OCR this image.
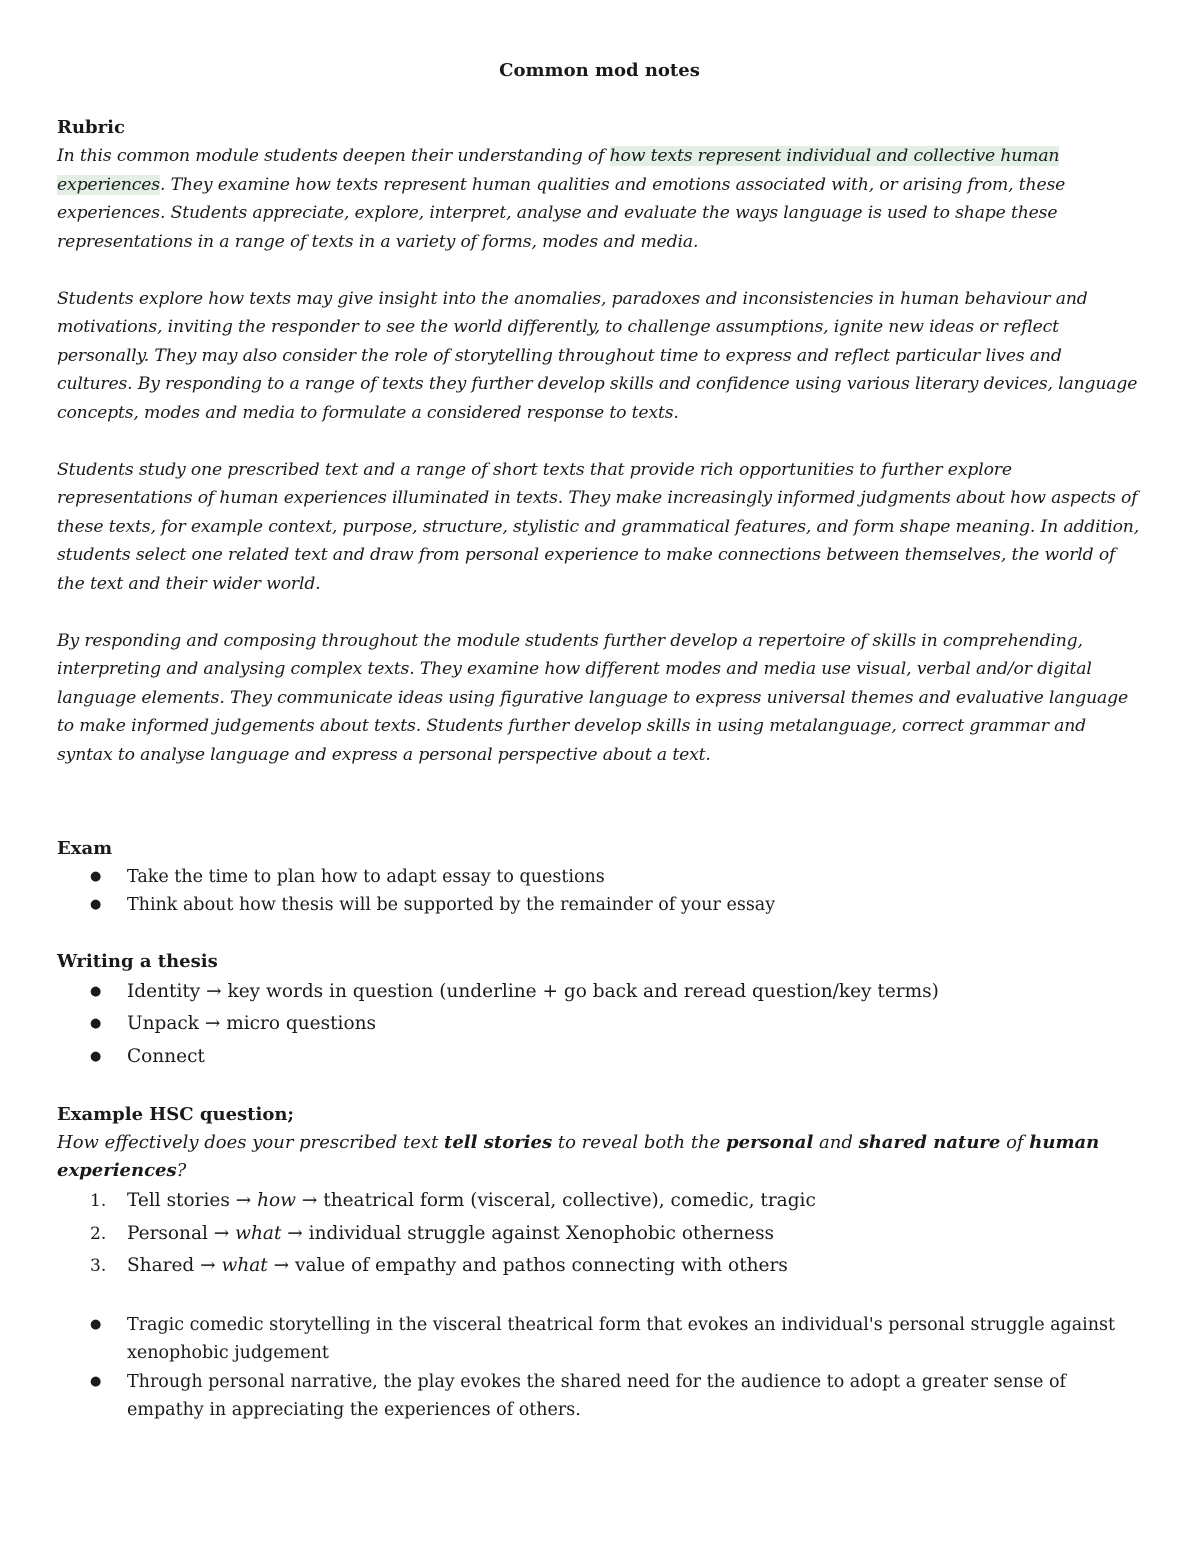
Common mod notes
Rubric

In this common module students deepen their understanding of how texts represent individual and collective human experiences. They examine how texts represent human qualities and emotions associated with, or arising from, these experiences. Students appreciate, explore, interpret, analyse and evaluate the ways language is used to shape these representations in a range of texts in a variety of forms, modes and media.

Students explore how texts may give insight into the anomalies, paradoxes and inconsistencies in human behaviour and motivations, inviting the responder to see the world differently, to challenge assumptions, ignite new ideas or reflect personally. They may also consider the role of storytelling throughout time to express and reflect particular lives and cultures. By responding to a range of texts they further develop skills and confidence using various literary devices, language concepts, modes and media to formulate a considered response to texts.

Students study one prescribed text and a range of short texts that provide rich opportunities to further explore representations of human experiences illuminated in texts. They make increasingly informed judgments about how aspects of these texts, for example context, purpose, structure, stylistic and grammatical features, and form shape meaning. In addition, students select one related text and draw from personal experience to make connections between themselves, the world of the text and their wider world.

By responding and composing throughout the module students further develop a repertoire of skills in comprehending, interpreting and analysing complex texts. They examine how different modes and media use visual, verbal and/or digital language elements. They communicate ideas using figurative language to express universal themes and evaluative language to make informed judgements about texts. Students further develop skills in using metalanguage, correct grammar and syntax to analyse language and express a personal perspective about a text.

Exam
● Take the time to plan how to adapt essay to questions
● Think about how thesis will be supported by the remainder of your essay
Writing a thesis
● Identity → key words in question (underline + go back and reread question/key terms)
● Unpack → micro questions
● Connect
Example HSC question;

How effectively does your prescribed text tell stories to reveal both the personal and shared nature of human experiences?

1. Tell stories → how → theatrical form (visceral, collective), comedic, tragic
2. Personal → what → individual struggle against Xenophobic otherness
3. Shared → what → value of empathy and pathos connecting with others
● Tragic comedic storytelling in the visceral theatrical form that evokes an individual's personal struggle against xenophobic judgement
● Through personal narrative, the play evokes the shared need for the audience to adopt a greater sense of empathy in appreciating the experiences of others.
